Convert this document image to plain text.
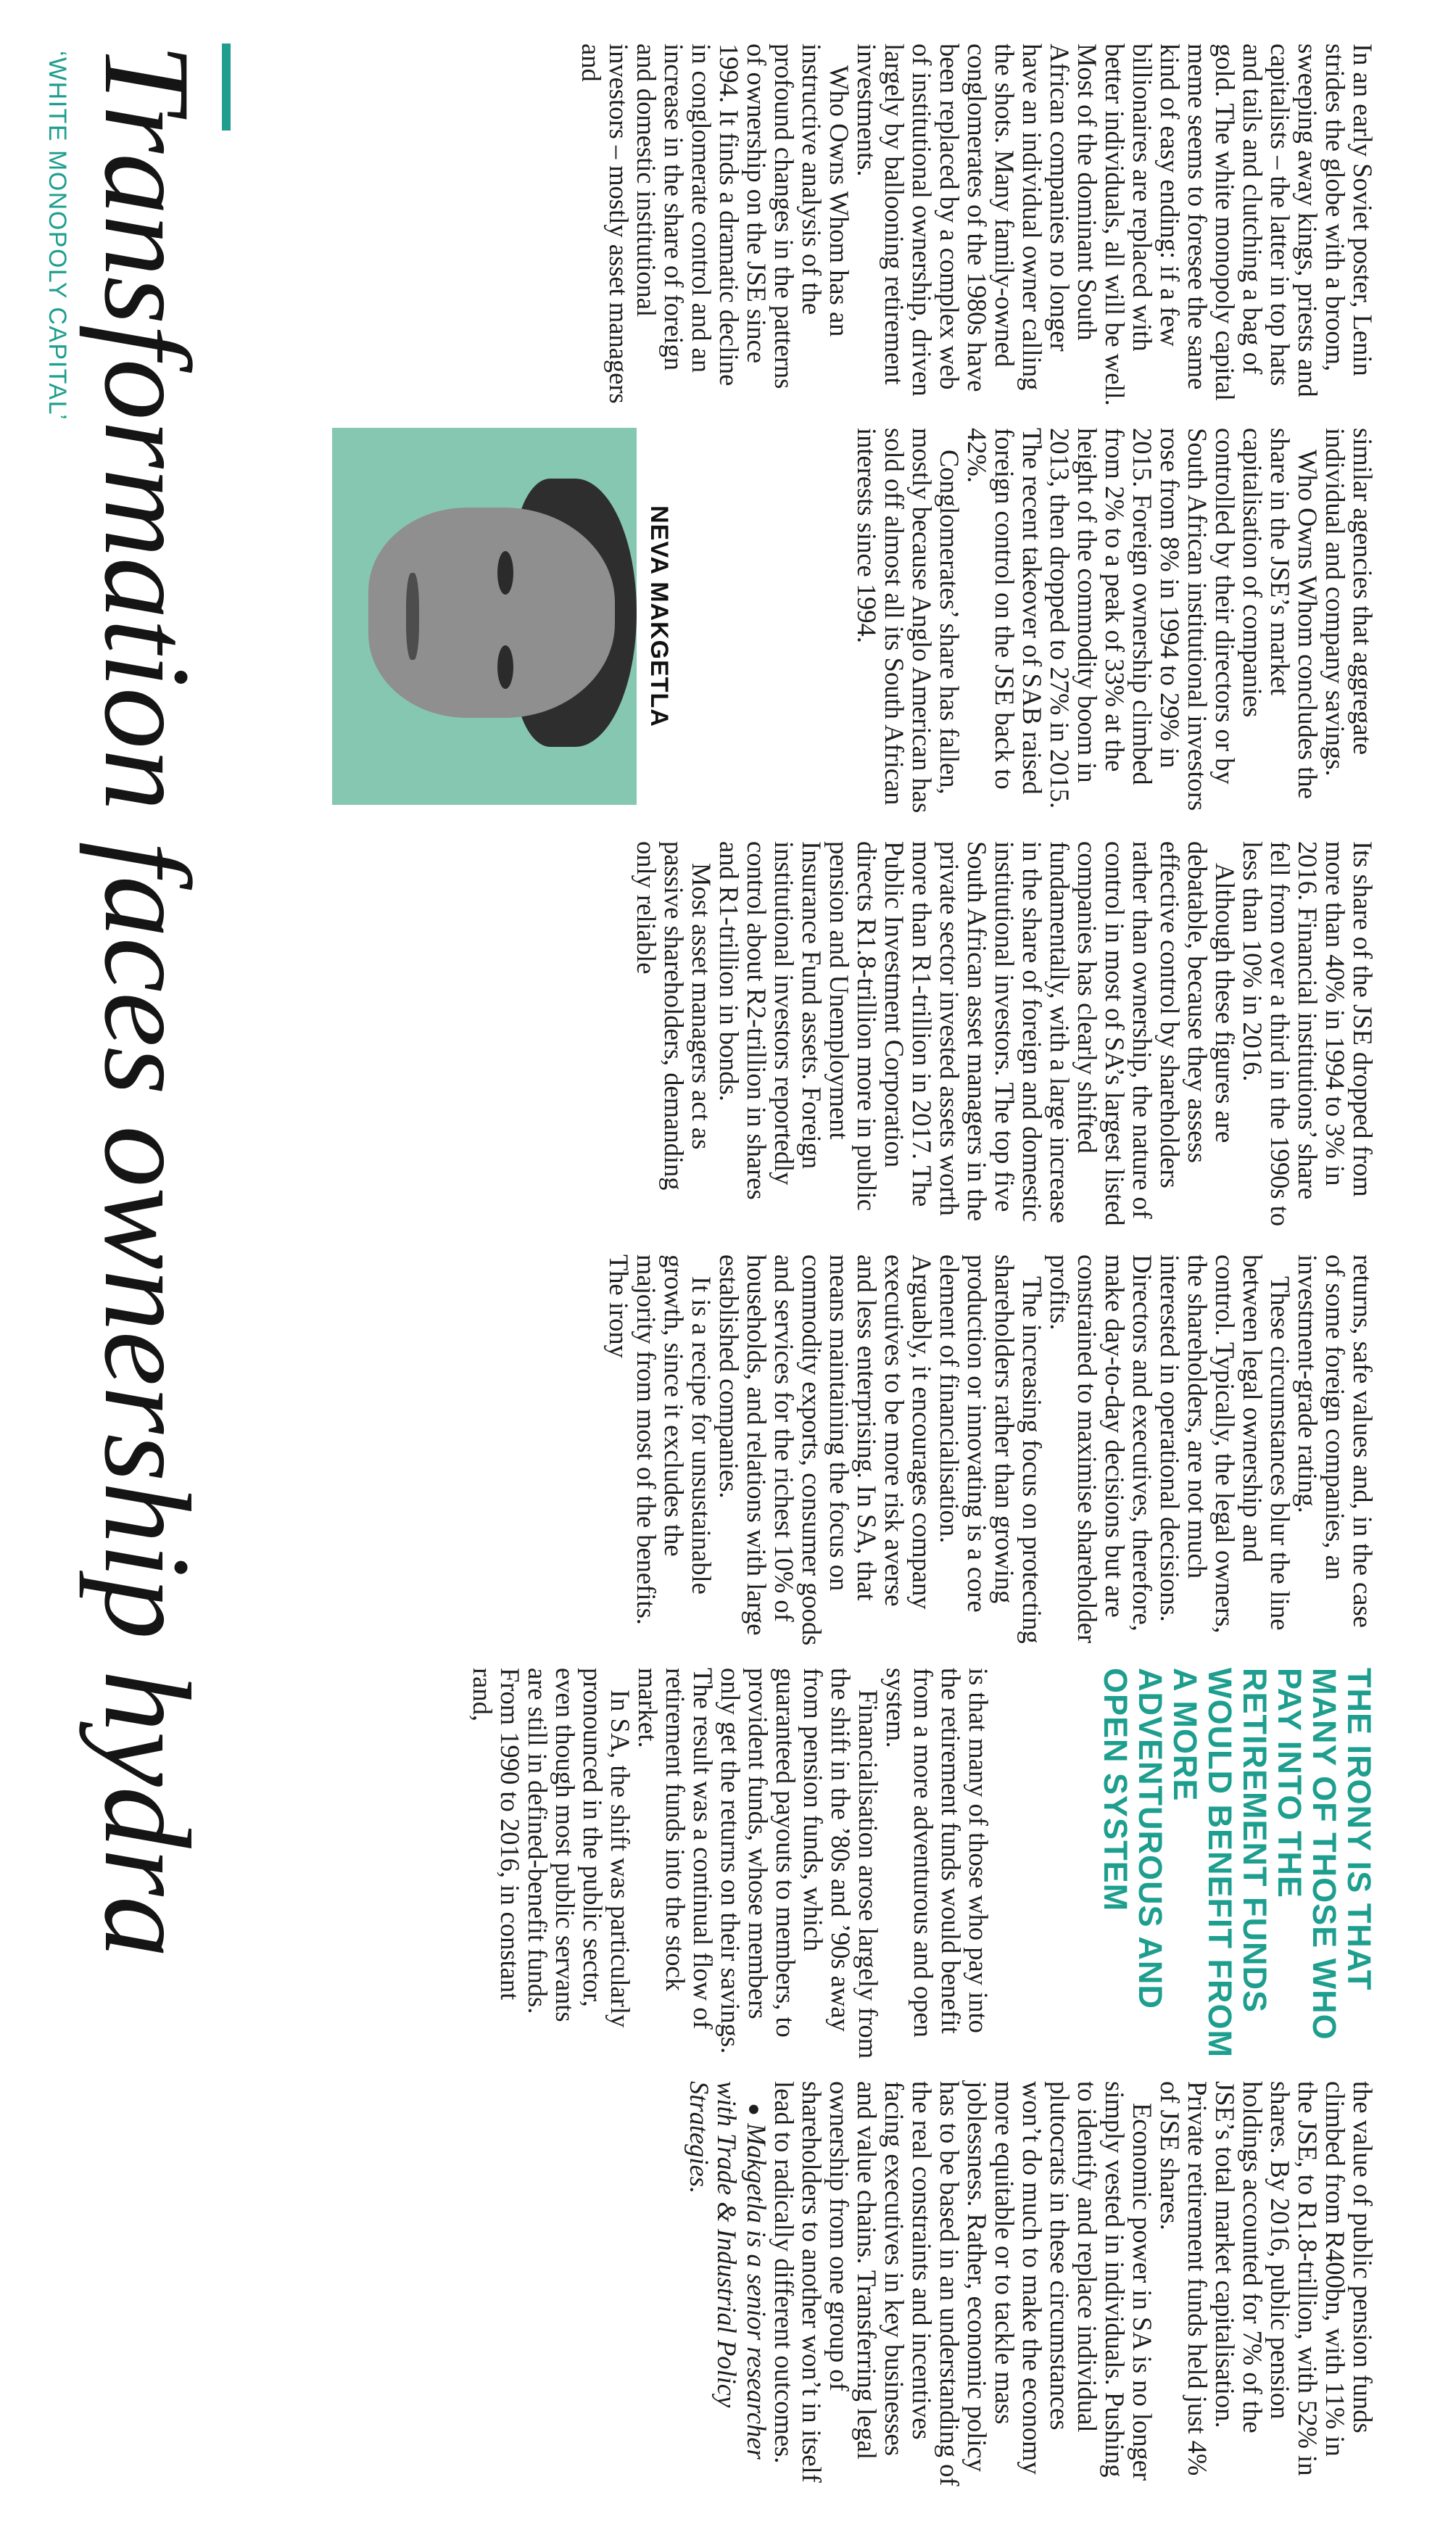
‘WHITE MONOPOLY CAPITAL’ Transformation faces ownership hydra	In an early Soviet poster, Lenin strides the globe with a broom, sweeping away kings, priests and capitalists – the latter in top hats and tails and clutching a bag of gold. The white monopoly capital meme seems to foresee the same kind of easy ending: if a few billionaires are replaced with better individuals, all will be well. Most of the dominant South African companies no longer have an individual owner calling the shots. Many family-owned conglomerates of the 1980s have been replaced by a complex web of institutional ownership, driven largely by ballooning retirement investments.

Who Owns Whom has an instructive analysis of the profound changes in the patterns of ownership on the JSE since 1994. It finds a dramatic decline in conglomerate control and an increase in the share of foreign and domestic institutional investors – mostly asset managers and

NEVA MAKGETLA	similar agencies that aggregate individual and company savings.

Who Owns Whom concludes the share in the JSE’s market capitalisation of companies controlled by their directors or by South African institutional investors rose from 8% in 1994 to 29% in 2015. Foreign ownership climbed from 2% to a peak of 33% at the height of the commodity boom in 2013, then dropped to 27% in 2015. The recent takeover of SAB raised foreign control on the JSE back to 42%.

Conglomerates’ share has fallen, mostly because Anglo American has sold off almost all its South African interests since 1994.

Its share of the JSE dropped from more than 40% in 1994 to 3% in 2016. Financial institutions’ share fell from over a third in the 1990s to less than 10% in 2016.

Although these figures are debatable, because they assess effective control by shareholders rather than ownership, the nature of control in most of SA’s largest listed companies has clearly shifted fundamentally, with a large increase in the share of foreign and domestic institutional investors. The top five South African asset managers in the private sector invested assets worth more than R1-trillion in 2017. The Public Investment Corporation directs R1.8-trillion more in public pension and Unemployment Insurance Fund assets. Foreign institutional investors reportedly control about R2-trillion in shares and R1-trillion in bonds.

Most asset managers act as passive shareholders, demanding only reliable

returns, safe values and, in the case of some foreign companies, an investment-grade rating.

These circumstances blur the line between legal ownership and control. Typically, the legal owners, the shareholders, are not much interested in operational decisions. Directors and executives, therefore, make day-to-day decisions but are constrained to maximise shareholder profits.

The increasing focus on protecting shareholders rather than growing production or innovating is a core element of financialisation. Arguably, it encourages company executives to be more risk averse and less enterprising. In SA, that means maintaining the focus on commodity exports, consumer goods and services for the richest 10% of households, and relations with large established companies.

It is a recipe for unsustainable growth, since it excludes the majority from most of the benefits. The irony

is that many of those who pay into the retirement funds would benefit from a more adventurous and open system.

Financialisation arose largely from the shift in the ’80s and ’90s away from pension funds, which guaranteed payouts to members, to provident funds, whose members only get the returns on their savings. The result was a continual flow of retirement funds into the stock market.

In SA, the shift was particularly pronounced in the public sector, even though most public servants are still in defined-benefit funds. From 1990 to 2016, in constant rand,	THE IRONY IS THAT MANY OF THOSE WHO PAY INTO THE RETIREMENT FUNDS WOULD BENEFIT FROM A MORE ADVENTUROUS AND OPEN SYSTEM

the value of public pension funds climbed from R400bn, with 11% in the JSE, to R1.8-trillion, with 52% in shares. By 2016, public pension holdings accounted for 7% of the JSE’s total market capitalisation. Private retirement funds held just 4% of JSE shares.

Economic power in SA is no longer simply vested in individuals. Pushing to identify and replace individual plutocrats in these circumstances won’t do much to make the economy more equitable or to tackle mass joblessness. Rather, economic policy has to be based in an understanding of the real constraints and incentives facing executives in key businesses and value chains. Transferring legal ownership from one group of shareholders to another won’t in itself lead to radically different outcomes.

●Makgetla is a senior researcher with Trade & Industrial Policy Strategies.
